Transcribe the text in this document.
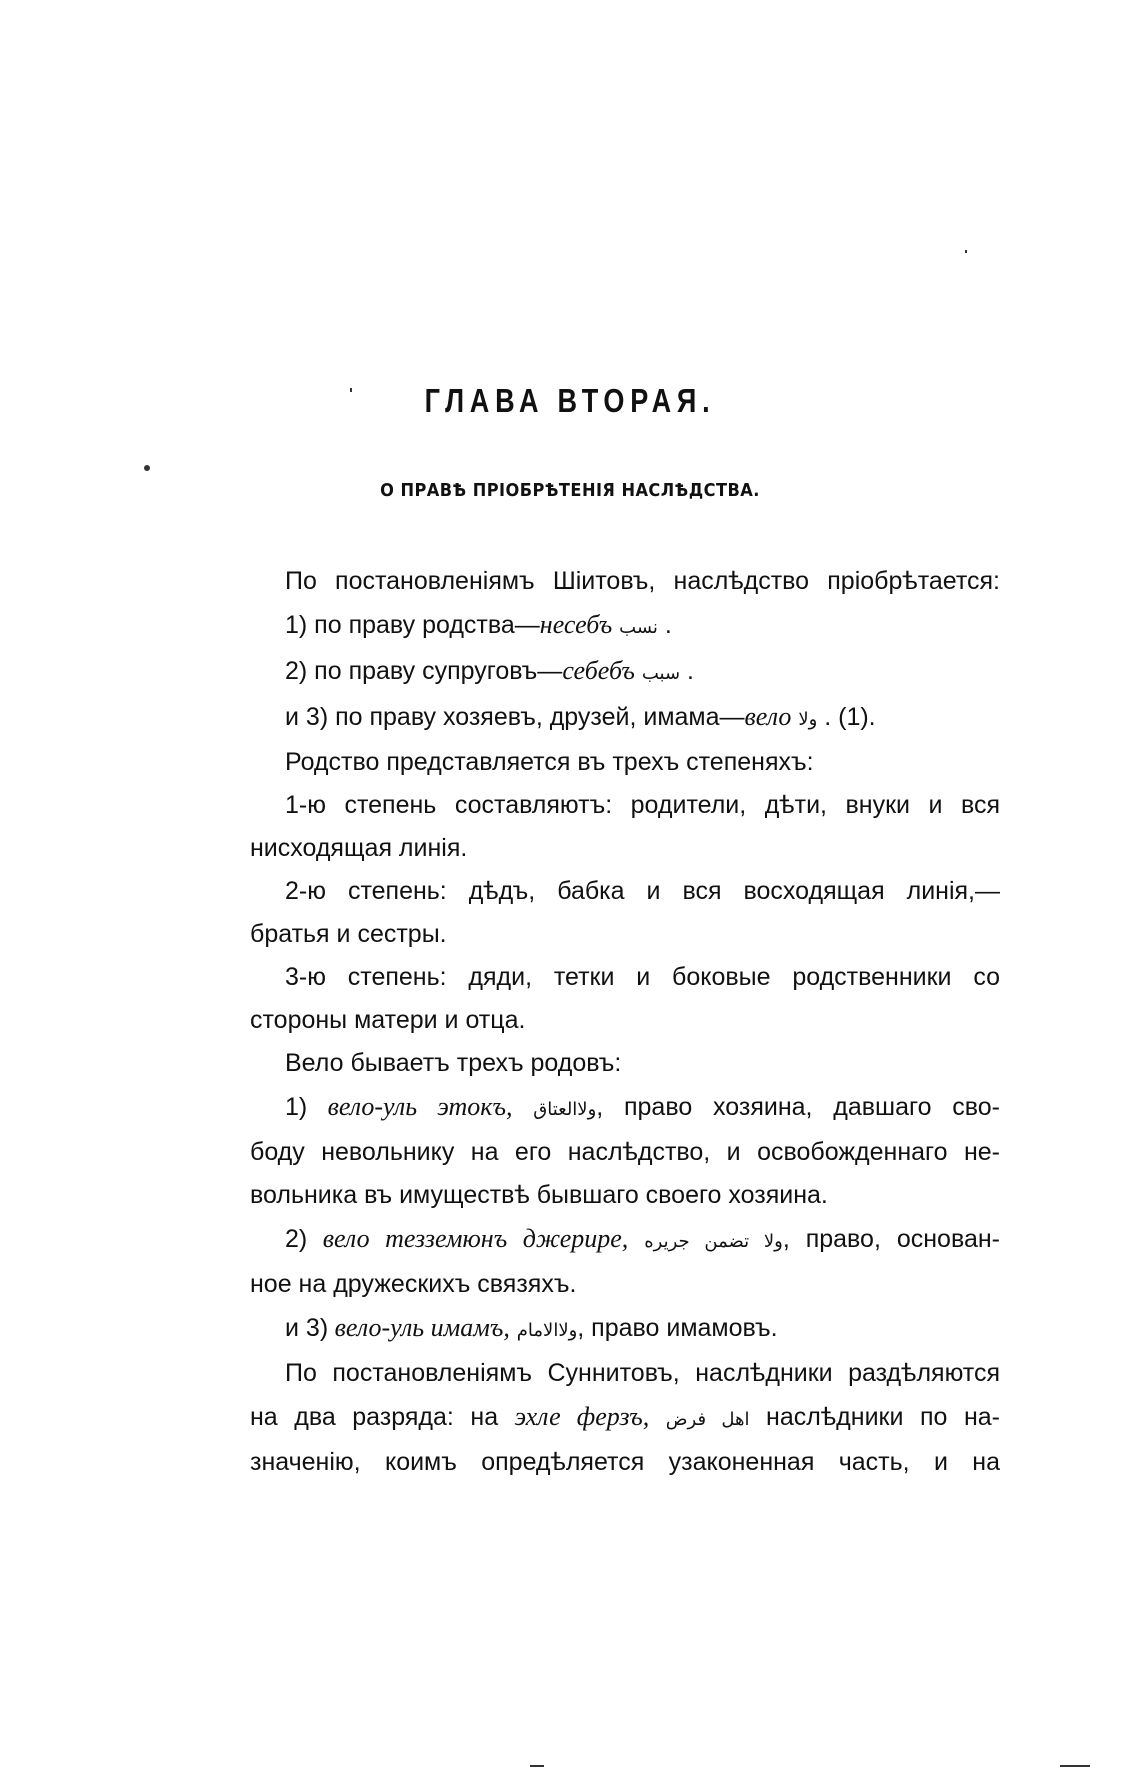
ГЛАВА ВТОРАЯ.
О ПРАВѢ ПРІОБРѢТЕНІЯ НАСЛѢДСТВА.
По постановленіямъ Шiитовъ, наслѣдство пріобрѣтается:
1) по праву родства—несебъ نسب .
2) по праву супруговъ—себебъ سبب .
и 3) по праву хозяевъ, друзей, имама—вело ولا . (1).
Родство представляется въ трехъ степеняхъ:
1-ю степень составляютъ: родители, дѣти, внуки и вся
нисходящая линія.
2-ю степень: дѣдъ, бабка и вся восходящая линія,—
братья и сестры.
3-ю степень: дяди, тетки и боковые родственники со
стороны матери и отца.
Вело бываетъ трехъ родовъ:
1) вело-уль этокъ, ولاالعتاق, право хозяина, давшаго сво-
боду невольнику на его наслѣдство, и освобожденнаго не-
вольника въ имуществѣ бывшаго своего хозяина.
2) вело тезземюнъ джерире, ولا تضمن جريره, право, основан-
ное на дружескихъ связяхъ.
и 3) вело-уль имамъ, ولاالامام, право имамовъ.
По постановленіямъ Суннитовъ, наслѣдники раздѣляются
на два разряда: на эхле ферзъ, اهل فرض наслѣдники по на-
значенію, коимъ опредѣляется узаконенная часть, и на
